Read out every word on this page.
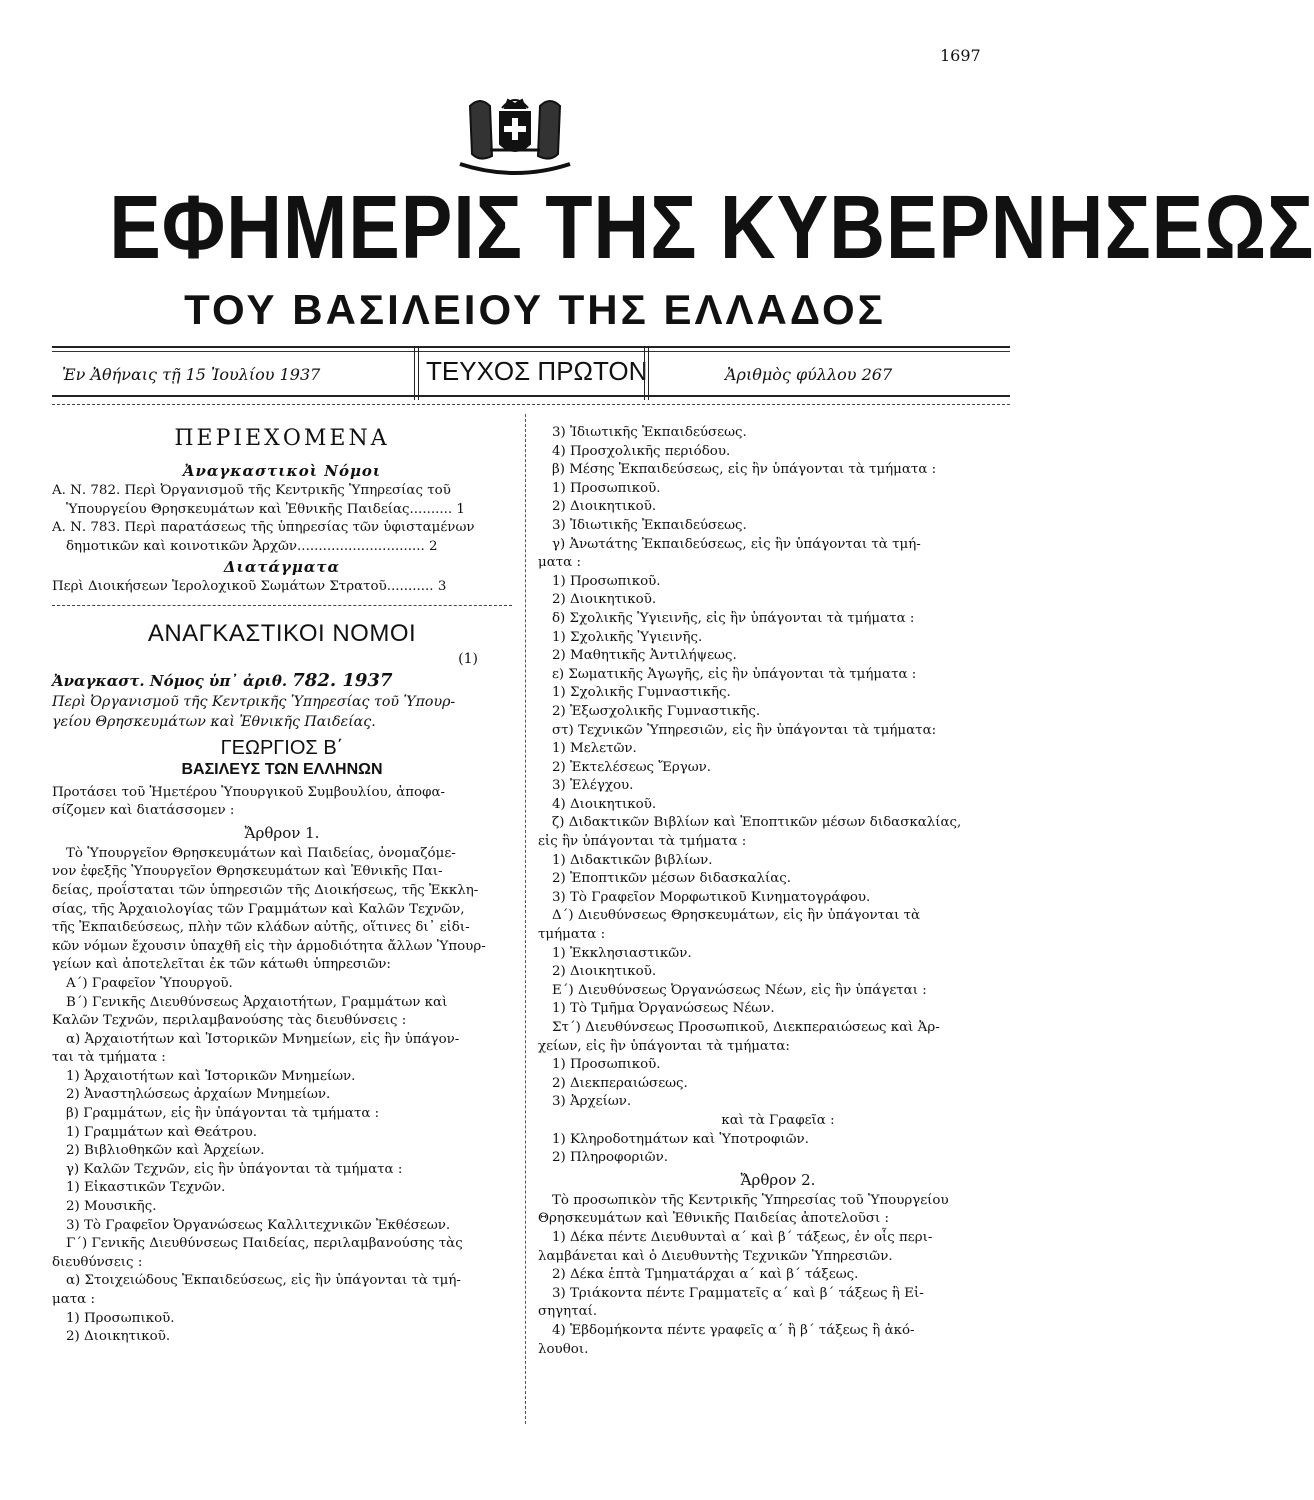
1697
ΕΦΗΜΕΡΙΣ ΤΗΣ ΚΥΒΕΡΝΗΣΕΩΣ
ΤΟΥ ΒΑΣΙΛΕΙΟΥ ΤΗΣ ΕΛΛΑΔΟΣ
Ἐν Ἀθήναις τῇ 15 Ἰουλίου 1937	ΤΕΥΧΟΣ ΠΡΩΤΟΝ	Ἀριθμὸς φύλλου 267
ΠΕΡΙΕΧΟΜΕΝΑ
Ἀναγκαστικοὶ Νόμοι
Α. Ν. 782. Περὶ Ὀργανισμοῦ τῆς Κεντρικῆς Ὑπηρεσίας τοῦ
Ὑπουργείου Θρησκευμάτων καὶ Ἐθνικῆς Παιδείας.......... 1
Α. Ν. 783. Περὶ παρατάσεως τῆς ὑπηρεσίας τῶν ὑφισταμένων
δημοτικῶν καὶ κοινοτικῶν Ἀρχῶν.............................. 2
Διατάγματα
Περὶ Διοικήσεων Ἱερολοχικοῦ Σωμάτων Στρατοῦ........... 3
ΑΝΑΓΚΑΣΤΙΚΟΙ ΝΟΜΟΙ
(1)
Ἀναγκαστ. Νόμος ὑπ᾽ ἀριθ. 782. 1937
Περὶ Ὀργανισμοῦ τῆς Κεντρικῆς Ὑπηρεσίας τοῦ Ὑπουρ-
γείου Θρησκευμάτων καὶ Ἐθνικῆς Παιδείας.
ΓΕΩΡΓΙΟΣ Β΄
ΒΑΣΙΛΕΥΣ ΤΩΝ ΕΛΛΗΝΩΝ
Προτάσει τοῦ Ἡμετέρου Ὑπουργικοῦ Συμβουλίου, ἀποφα-
σίζομεν καὶ διατάσσομεν :
Ἄρθρον 1.
Τὸ Ὑπουργεῖον Θρησκευμάτων καὶ Παιδείας, ὀνομαζόμε-
νον ἐφεξῆς Ὑπουργεῖον Θρησκευμάτων καὶ Ἐθνικῆς Παι-
δείας, προΐσταται τῶν ὑπηρεσιῶν τῆς Διοικήσεως, τῆς Ἐκκλη-
σίας, τῆς Ἀρχαιολογίας τῶν Γραμμάτων καὶ Καλῶν Τεχνῶν,
τῆς Ἐκπαιδεύσεως, πλὴν τῶν κλάδων αὐτῆς, οἵτινες δι᾽ εἰδι-
κῶν νόμων ἔχουσιν ὑπαχθῆ εἰς τὴν ἁρμοδιότητα ἄλλων Ὑπουρ-
γείων καὶ ἀποτελεῖται ἐκ τῶν κάτωθι ὑπηρεσιῶν:
Α΄) Γραφεῖον Ὑπουργοῦ.
Β΄) Γενικῆς Διευθύνσεως Ἀρχαιοτήτων, Γραμμάτων καὶ
Καλῶν Τεχνῶν, περιλαμβανούσης τὰς διευθύνσεις :
α) Ἀρχαιοτήτων καὶ Ἱστορικῶν Μνημείων, εἰς ἣν ὑπάγον-
ται τὰ τμήματα :
1) Ἀρχαιοτήτων καὶ Ἱστορικῶν Μνημείων.
2) Ἀναστηλώσεως ἀρχαίων Μνημείων.
β) Γραμμάτων, εἰς ἣν ὑπάγονται τὰ τμήματα :
1) Γραμμάτων καὶ Θεάτρου.
2) Βιβλιοθηκῶν καὶ Ἀρχείων.
γ) Καλῶν Τεχνῶν, εἰς ἣν ὑπάγονται τὰ τμήματα :
1) Εἰκαστικῶν Τεχνῶν.
2) Μουσικῆς.
3) Τὸ Γραφεῖον Ὀργανώσεως Καλλιτεχνικῶν Ἐκθέσεων.
Γ΄) Γενικῆς Διευθύνσεως Παιδείας, περιλαμβανούσης τὰς
διευθύνσεις :
α) Στοιχειώδους Ἐκπαιδεύσεως, εἰς ἣν ὑπάγονται τὰ τμή-
ματα :
1) Προσωπικοῦ.
2) Διοικητικοῦ.
3) Ἰδιωτικῆς Ἐκπαιδεύσεως.
4) Προσχολικῆς περιόδου.
β) Μέσης Ἐκπαιδεύσεως, εἰς ἣν ὑπάγονται τὰ τμήματα :
1) Προσωπικοῦ.
2) Διοικητικοῦ.
3) Ἰδιωτικῆς Ἐκπαιδεύσεως.
γ) Ἀνωτάτης Ἐκπαιδεύσεως, εἰς ἣν ὑπάγονται τὰ τμή-
ματα :
1) Προσωπικοῦ.
2) Διοικητικοῦ.
δ) Σχολικῆς Ὑγιεινῆς, εἰς ἣν ὑπάγονται τὰ τμήματα :
1) Σχολικῆς Ὑγιεινῆς.
2) Μαθητικῆς Ἀντιλήψεως.
ε) Σωματικῆς Ἀγωγῆς, εἰς ἣν ὑπάγονται τὰ τμήματα :
1) Σχολικῆς Γυμναστικῆς.
2) Ἐξωσχολικῆς Γυμναστικῆς.
στ) Τεχνικῶν Ὑπηρεσιῶν, εἰς ἣν ὑπάγονται τὰ τμήματα:
1) Μελετῶν.
2) Ἐκτελέσεως Ἔργων.
3) Ἐλέγχου.
4) Διοικητικοῦ.
ζ) Διδακτικῶν Βιβλίων καὶ Ἐποπτικῶν μέσων διδασκαλίας,
εἰς ἣν ὑπάγονται τὰ τμήματα :
1) Διδακτικῶν βιβλίων.
2) Ἐποπτικῶν μέσων διδασκαλίας.
3) Τὸ Γραφεῖον Μορφωτικοῦ Κινηματογράφου.
Δ΄) Διευθύνσεως Θρησκευμάτων, εἰς ἣν ὑπάγονται τὰ
τμήματα :
1) Ἐκκλησιαστικῶν.
2) Διοικητικοῦ.
Ε΄) Διευθύνσεως Ὀργανώσεως Νέων, εἰς ἣν ὑπάγεται :
1) Τὸ Τμῆμα Ὀργανώσεως Νέων.
Στ΄) Διευθύνσεως Προσωπικοῦ, Διεκπεραιώσεως καὶ Ἀρ-
χείων, εἰς ἣν ὑπάγονται τὰ τμήματα:
1) Προσωπικοῦ.
2) Διεκπεραιώσεως.
3) Ἀρχείων.
καὶ τὰ Γραφεῖα :
1) Κληροδοτημάτων καὶ Ὑποτροφιῶν.
2) Πληροφοριῶν.
Ἄρθρον 2.
Τὸ προσωπικὸν τῆς Κεντρικῆς Ὑπηρεσίας τοῦ Ὑπουργείου
Θρησκευμάτων καὶ Ἐθνικῆς Παιδείας ἀποτελοῦσι :
1) Δέκα πέντε Διευθυνταὶ α΄ καὶ β΄ τάξεως, ἐν οἷς περι-
λαμβάνεται καὶ ὁ Διευθυντὴς Τεχνικῶν Ὑπηρεσιῶν.
2) Δέκα ἑπτὰ Τμηματάρχαι α΄ καὶ β΄ τάξεως.
3) Τριάκοντα πέντε Γραμματεῖς α΄ καὶ β΄ τάξεως ἢ Εἰ-
σηγηταί.
4) Ἑβδομήκοντα πέντε γραφεῖς α΄ ἢ β΄ τάξεως ἢ ἀκό-
λουθοι.
